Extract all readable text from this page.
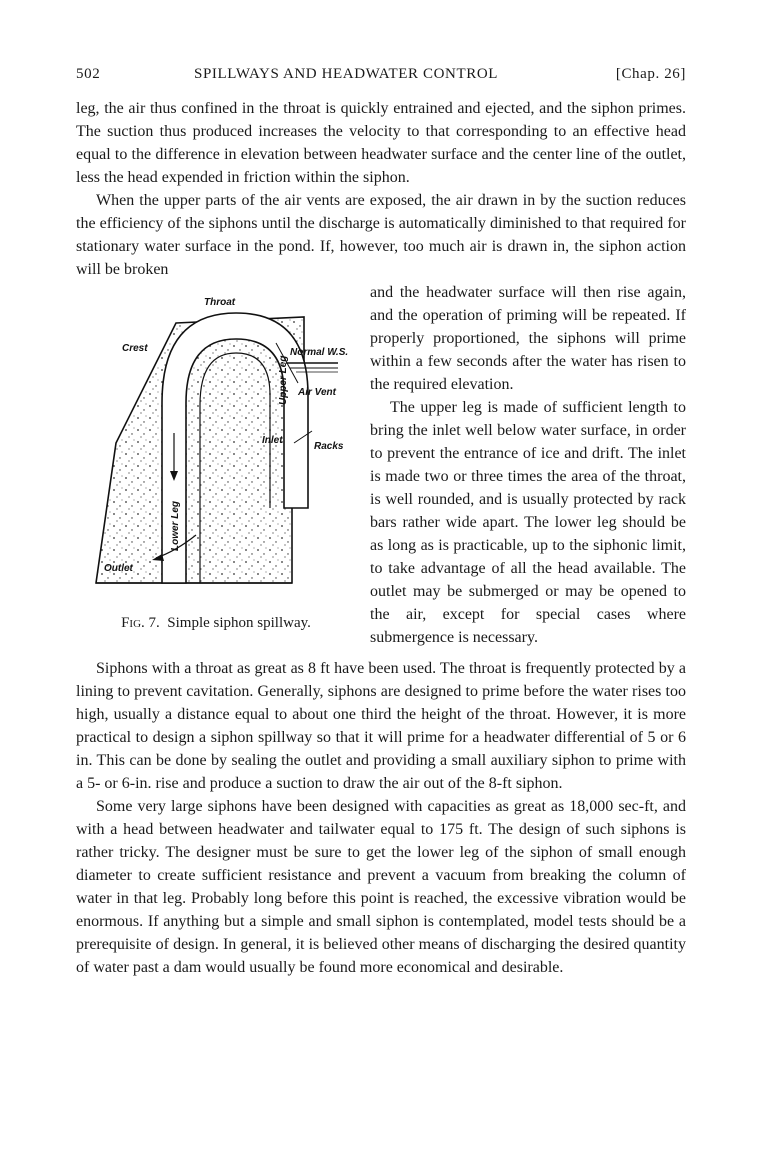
502	SPILLWAYS AND HEADWATER CONTROL	[Chap. 26]

leg, the air thus confined in the throat is quickly entrained and ejected, and the siphon primes. The suction thus produced increases the velocity to that corresponding to an effective head equal to the difference in elevation between headwater surface and the center line of the outlet, less the head expended in friction within the siphon.

When the upper parts of the air vents are exposed, the air drawn in by the suction reduces the efficiency of the siphons until the discharge is automatically diminished to that required for stationary water surface in the pond. If, however, too much air is drawn in, the siphon action will be broken

Throat
Crest	Normal W.S.
Air Vent
Upper Leg
Inlet
Racks
Lower Leg
Outlet
Fig. 7. Simple siphon spillway.

and the headwater surface will then rise again, and the operation of priming will be repeated. If properly proportioned, the siphons will prime within a few seconds after the water has risen to the required elevation.

The upper leg is made of sufficient length to bring the inlet well below water surface, in order to prevent the entrance of ice and drift. The inlet is made two or three times the area of the throat, is well rounded, and is usually protected by rack bars rather wide apart. The lower leg should be as long as is practicable, up to the siphonic limit, to take advantage of all the head available. The outlet may be submerged or may be opened to the air, except for special cases where submergence is necessary.

Siphons with a throat as great as 8 ft have been used. The throat is frequently protected by a lining to prevent cavitation. Generally, siphons are designed to prime before the water rises too high, usually a distance equal to about one third the height of the throat. However, it is more practical to design a siphon spillway so that it will prime for a headwater differential of 5 or 6 in. This can be done by sealing the outlet and providing a small auxiliary siphon to prime with a 5- or 6-in. rise and produce a suction to draw the air out of the 8-ft siphon.

Some very large siphons have been designed with capacities as great as 18,000 sec-ft, and with a head between headwater and tailwater equal to 175 ft. The design of such siphons is rather tricky. The designer must be sure to get the lower leg of the siphon of small enough diameter to create sufficient resistance and prevent a vacuum from breaking the column of water in that leg. Probably long before this point is reached, the excessive vibration would be enormous. If anything but a simple and small siphon is contemplated, model tests should be a prerequisite of design. In general, it is believed other means of discharging the desired quantity of water past a dam would usually be found more economical and desirable.
